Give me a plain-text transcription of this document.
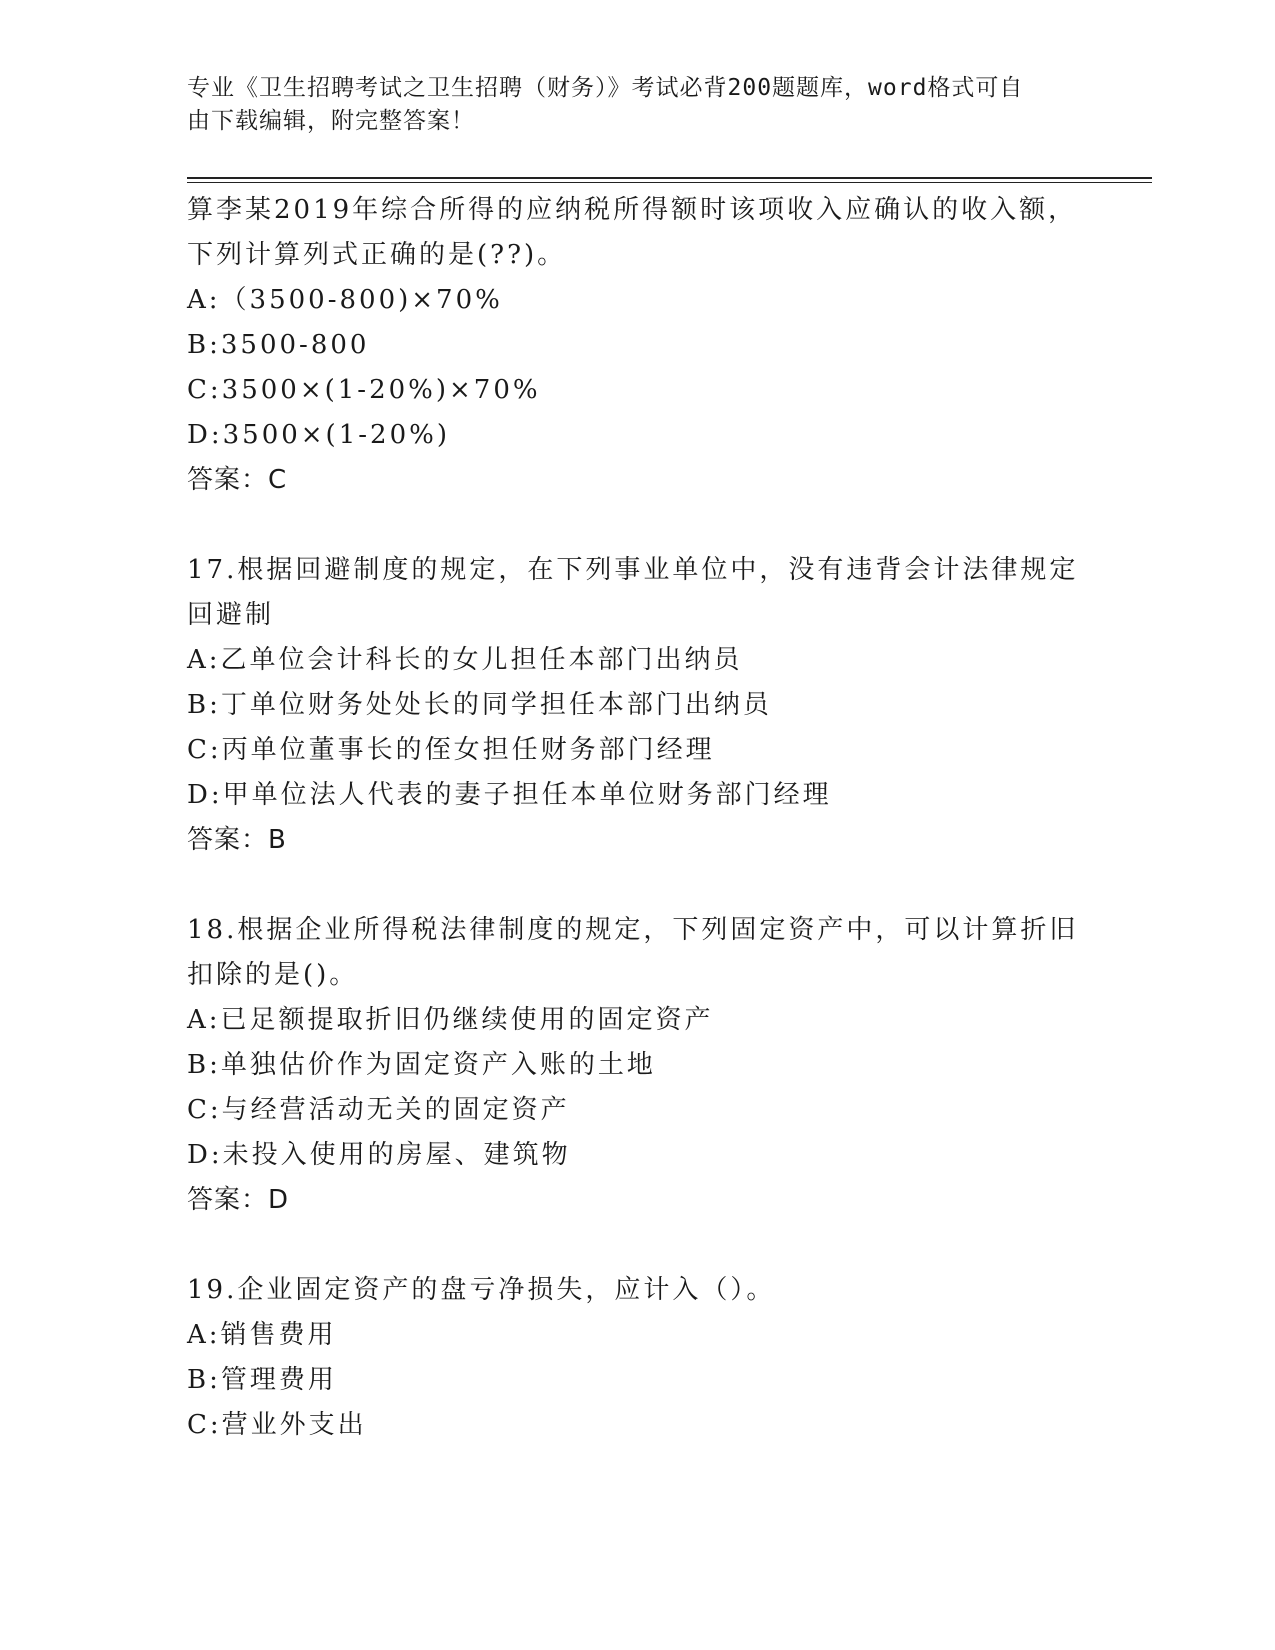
专业《卫生招聘考试之卫生招聘（财务）》考试必背200题题库，word格式可自
由下载编辑，附完整答案！
算李某2019年综合所得的应纳税所得额时该项收入应确认的收入额，
下列计算列式正确的是(??)。
A:（3500-800)×70%
B:3500-800
C:3500×(1-20%)×70%
D:3500×(1-20%)
答案：C
17.根据回避制度的规定，在下列事业单位中，没有违背会计法律规定
回避制
A:乙单位会计科长的女儿担任本部门出纳员
B:丁单位财务处处长的同学担任本部门出纳员
C:丙单位董事长的侄女担任财务部门经理
D:甲单位法人代表的妻子担任本单位财务部门经理
答案：B
18.根据企业所得税法律制度的规定，下列固定资产中，可以计算折旧
扣除的是()。
A:已足额提取折旧仍继续使用的固定资产
B:单独估价作为固定资产入账的土地
C:与经营活动无关的固定资产
D:未投入使用的房屋、建筑物
答案：D
19.企业固定资产的盘亏净损失，应计入（）。
A:销售费用
B:管理费用
C:营业外支出
